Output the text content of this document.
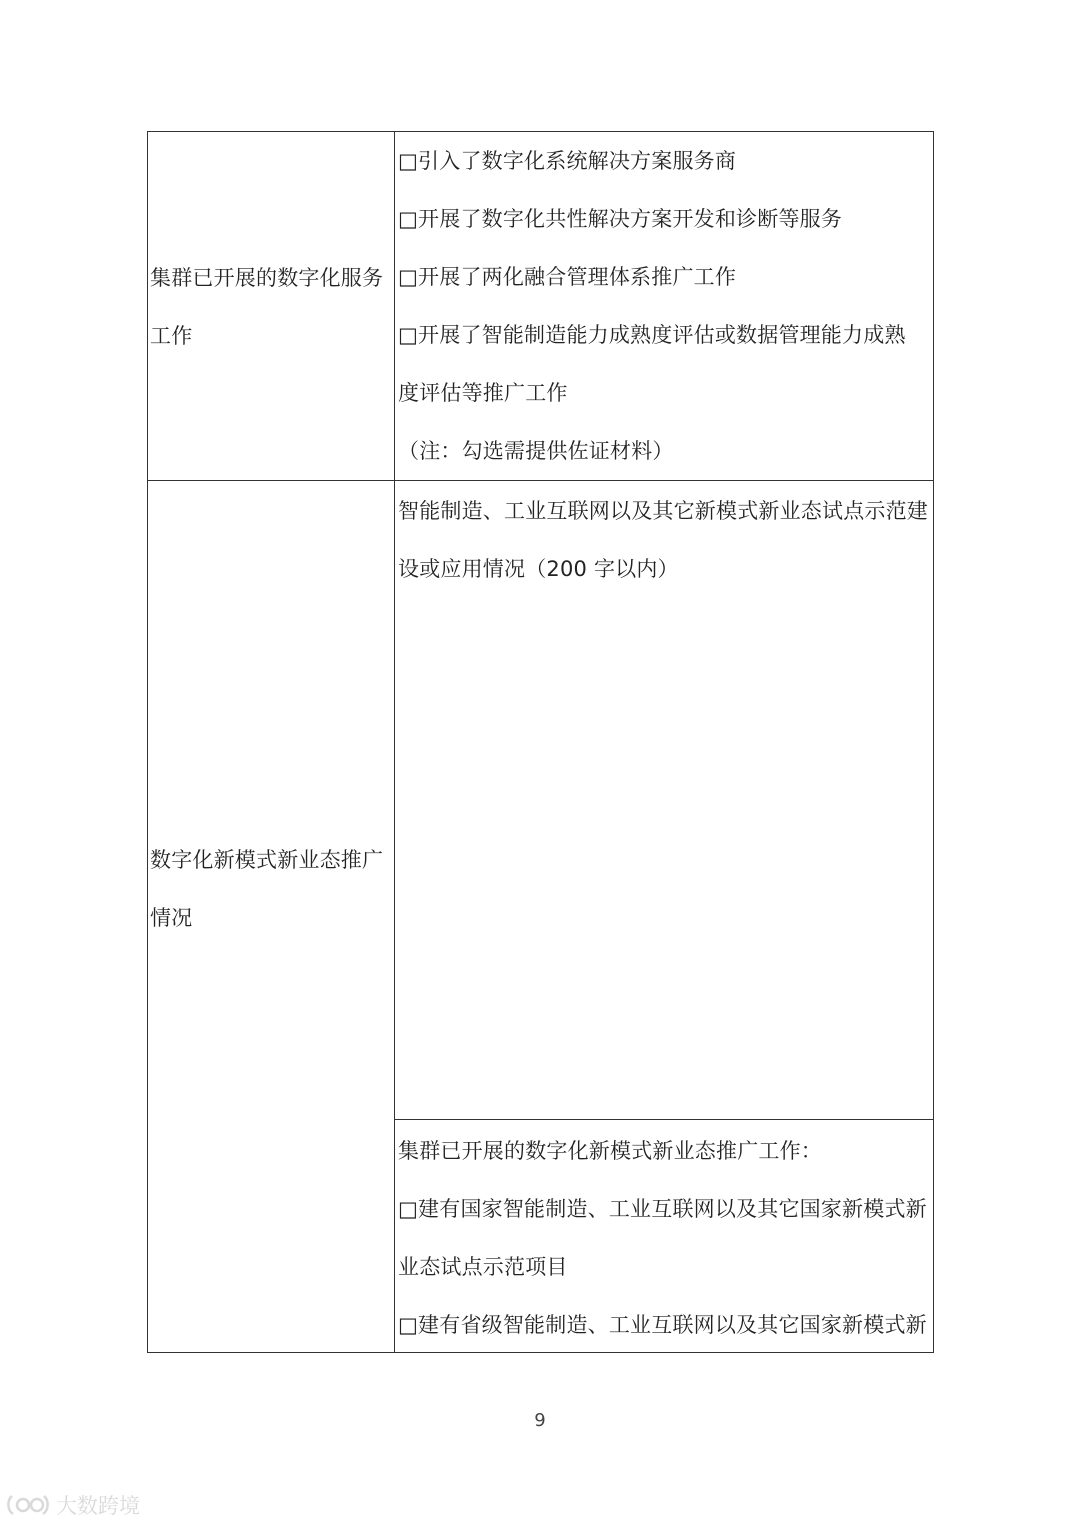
集群已开展的数字化服务工作
□引入了数字化系统解决方案服务商
□开展了数字化共性解决方案开发和诊断等服务
□开展了两化融合管理体系推广工作
□开展了智能制造能力成熟度评估或数据管理能力成熟
度评估等推广工作
（注：勾选需提供佐证材料）
数字化新模式新业态推广情况
智能制造、工业互联网以及其它新模式新业态试点示范建
设或应用情况（200 字以内）
集群已开展的数字化新模式新业态推广工作：
□建有国家智能制造、工业互联网以及其它国家新模式新
业态试点示范项目
□建有省级智能制造、工业互联网以及其它国家新模式新
9
大数跨境
